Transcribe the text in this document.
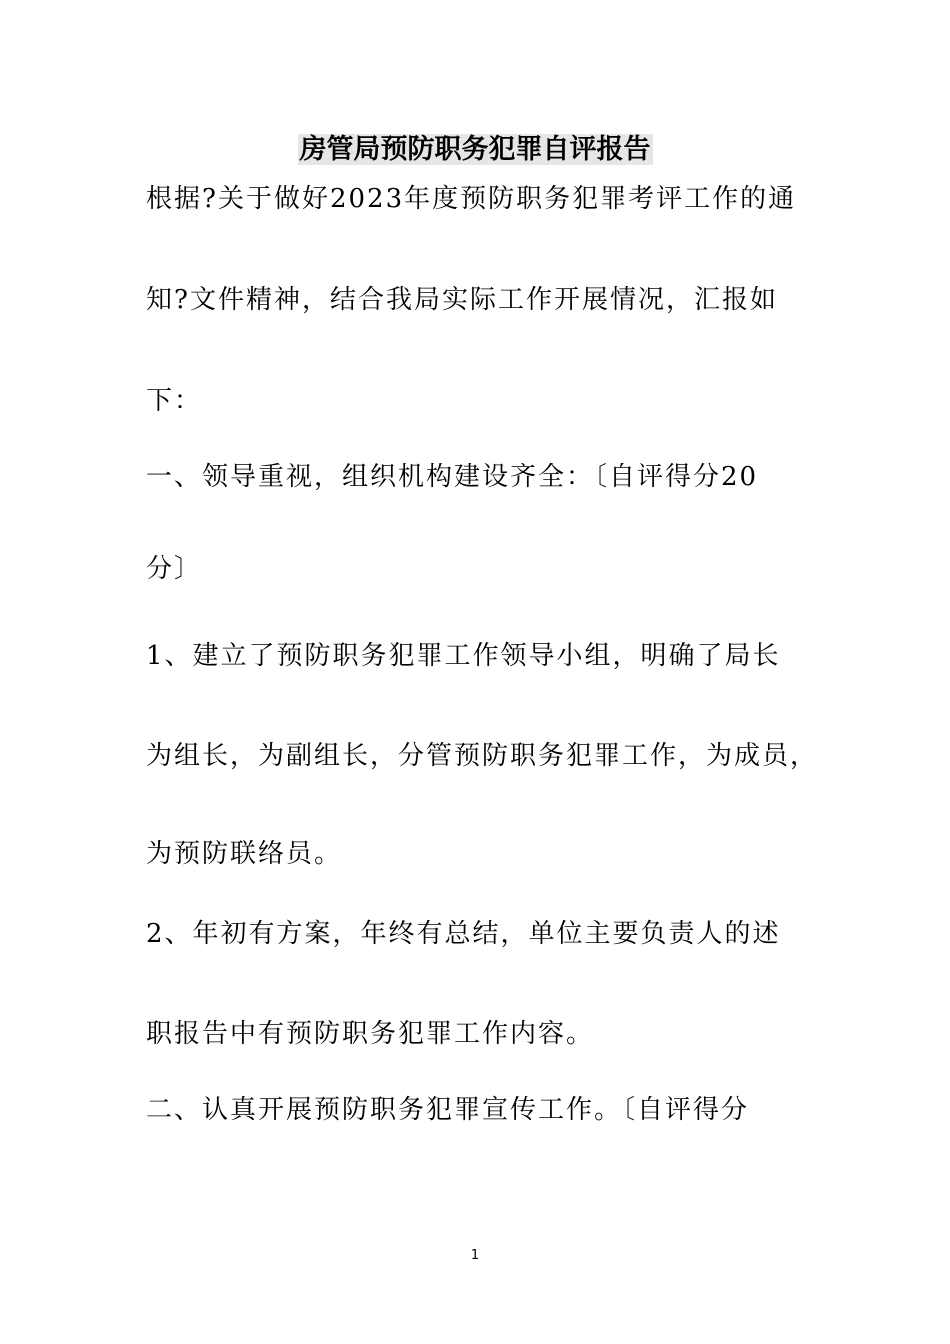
房管局预防职务犯罪自评报告
根据?关于做好2023年度预防职务犯罪考评工作的通
知?文件精神，结合我局实际工作开展情况，汇报如
下：
一、领导重视，组织机构建设齐全：〔自评得分20
分〕
1、建立了预防职务犯罪工作领导小组，明确了局长
为组长，为副组长，分管预防职务犯罪工作，为成员，
为预防联络员。
2、年初有方案，年终有总结，单位主要负责人的述
职报告中有预防职务犯罪工作内容。
二、认真开展预防职务犯罪宣传工作。〔自评得分
1
